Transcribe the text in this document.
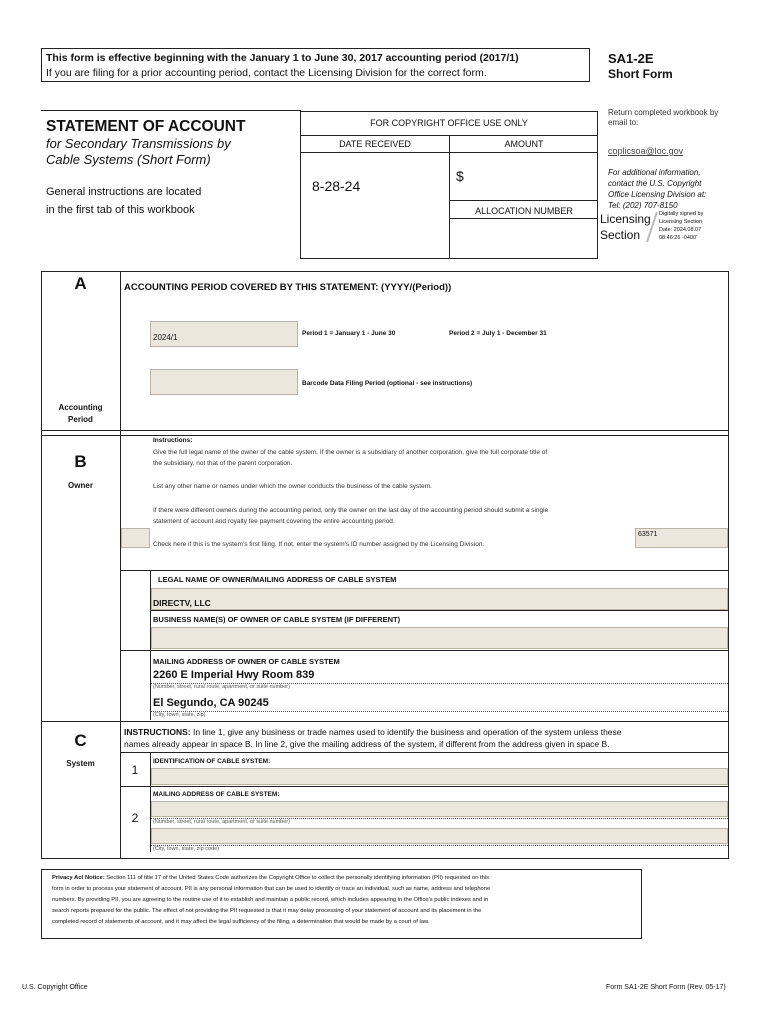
This form is effective beginning with the January 1 to June 30, 2017 accounting period (2017/1)
If you are filing for a prior accounting period, contact the Licensing Division for the correct form.
SA1-2E
Short Form
STATEMENT OF ACCOUNT
for Secondary Transmissions by
Cable Systems (Short Form)
General instructions are located
in the first tab of this workbook
FOR COPYRIGHT OFFICE USE ONLY
DATE RECEIVED	AMOUNT
8-28-24
$
ALLOCATION NUMBER
Return completed workbook by
email to:
coplicsoa@loc.gov
For additional information,
contact the U.S. Copyright
Office Licensing Division at:
Tel: (202) 707-8150
Licensing
Section
Digitally signed by
Licensing Section
Date: 2024.08.07
08:46:26 -0400'
A
Accounting
Period
ACCOUNTING PERIOD COVERED BY THIS STATEMENT: (YYYY/(Period))
2024/1	Period 1 = January 1 - June 30	Period 2 = July 1 - December 31
Barcode Data Filing Period (optional - see instructions)
B
Owner
Instructions:
Give the full legal name of the owner of the cable system. If the owner is a subsidiary of another corporation, give the full corporate title of
the subsidiary, not that of the parent corporation.
List any other name or names under which the owner conducts the business of the cable system.
If there were different owners during the accounting period, only the owner on the last day of the accounting period should submit a single
statement of account and royalty fee payment covering the entire accounting period.
Check here if this is the system's first filing. If not, enter the system's ID number assigned by the Licensing Division.
63571
LEGAL NAME OF OWNER/MAILING ADDRESS OF CABLE SYSTEM
DIRECTV, LLC
BUSINESS NAME(S) OF OWNER OF CABLE SYSTEM (IF DIFFERENT)
MAILING ADDRESS OF OWNER OF CABLE SYSTEM
2260 E Imperial Hwy Room 839
(Number, street, rural route, apartment, or suite number)
El Segundo, CA 90245
(City, town, state, zip)
C
System
INSTRUCTIONS: In line 1, give any business or trade names used to identify the business and operation of the system unless these
names already appear in space B. In line 2, give the mailing address of the system, if different from the address given in space B.
1
IDENTIFICATION OF CABLE SYSTEM:
MAILING ADDRESS OF CABLE SYSTEM:
2	(Number, street, rural route, apartment, or suite number)
(City, town, state, zip code)
Privacy Act Notice: Section 111 of title 17 of the United States Code authorizes the Copyright Office to collect the personally identifying information (PII) requested on this
form in order to process your statement of account. PII is any personal information that can be used to identify or trace an individual, such as name, address and telephone
numbers. By providing PII, you are agreeing to the routine use of it to establish and maintain a public record, which includes appearing in the Office's public indexes and in
search reports prepared for the public. The effect of not providing the PII requested is that it may delay processing of your statement of account and its placement in the
completed record of statements of account, and it may affect the legal sufficiency of the filing, a determination that would be made by a court of law.
U.S. Copyright Office	Form SA1-2E Short Form (Rev. 05-17)
